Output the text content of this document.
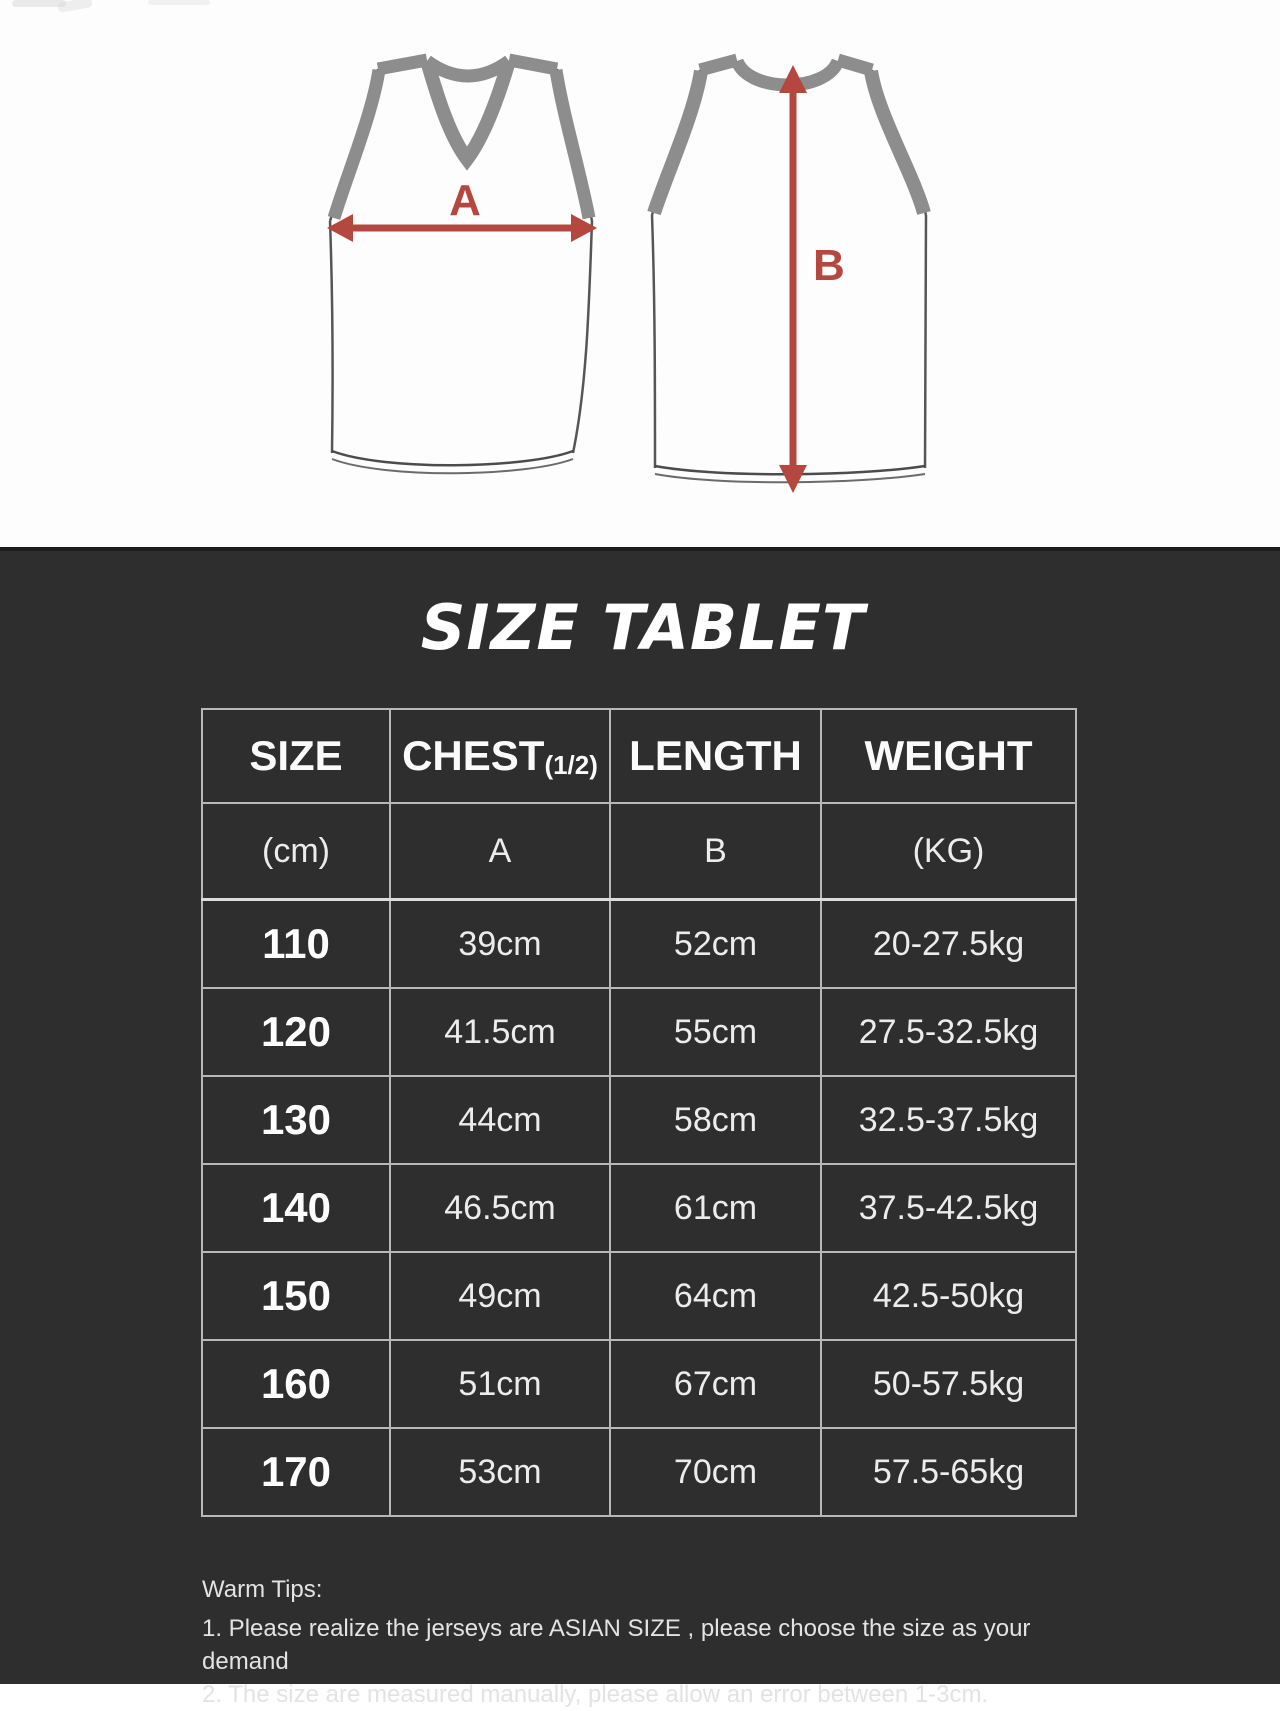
A
B
SIZE TABLET
SIZE	CHEST(1/2)	LENGTH	WEIGHT
(cm)	A	B	(KG)
110	39cm	52cm	20-27.5kg
120	41.5cm	55cm	27.5-32.5kg
130	44cm	58cm	32.5-37.5kg
140	46.5cm	61cm	37.5-42.5kg
150	49cm	64cm	42.5-50kg
160	51cm	67cm	50-57.5kg
170	53cm	70cm	57.5-65kg
Warm Tips:
1. Please realize the jerseys are ASIAN SIZE , please choose the size as your demand
2. The size are measured manually, please allow an error between 1-3cm.
